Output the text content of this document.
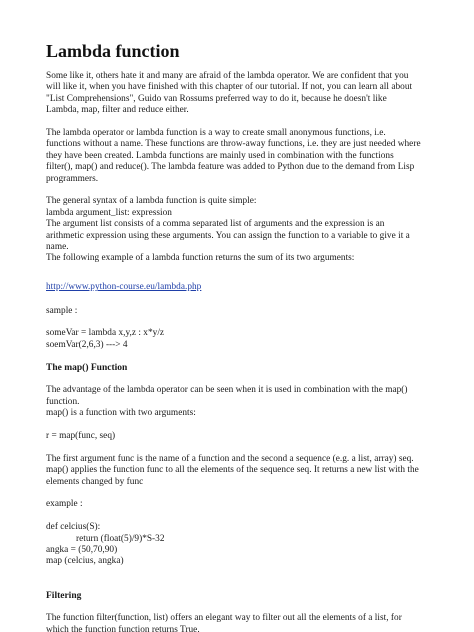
Lambda function
Some like it, others hate it and many are afraid of the lambda operator. We are confident that you
will like it, when you have finished with this chapter of our tutorial. If not, you can learn all about
"List Comprehensions", Guido van Rossums preferred way to do it, because he doesn't like
Lambda, map, filter and reduce either.
The lambda operator or lambda function is a way to create small anonymous functions, i.e.
functions without a name. These functions are throw-away functions, i.e. they are just needed where
they have been created. Lambda functions are mainly used in combination with the functions
filter(), map() and reduce(). The lambda feature was added to Python due to the demand from Lisp
programmers.
The general syntax of a lambda function is quite simple:
lambda argument_list: expression
The argument list consists of a comma separated list of arguments and the expression is an
arithmetic expression using these arguments. You can assign the function to a variable to give it a
name.
The following example of a lambda function returns the sum of its two arguments:
http://www.python-course.eu/lambda.php
sample :
someVar = lambda x,y,z : x*y/z
soemVar(2,6,3) ---> 4
The map() Function
The advantage of the lambda operator can be seen when it is used in combination with the map()
function.
map() is a function with two arguments:
r = map(func, seq)
The first argument func is the name of a function and the second a sequence (e.g. a list, array) seq.
map() applies the function func to all the elements of the sequence seq. It returns a new list with the
elements changed by func
example :
def celcius(S):
return (float(5)/9)*S-32
angka = (50,70,90)
map (celcius, angka)
Filtering
The function filter(function, list) offers an elegant way to filter out all the elements of a list, for
which the function function returns True.
